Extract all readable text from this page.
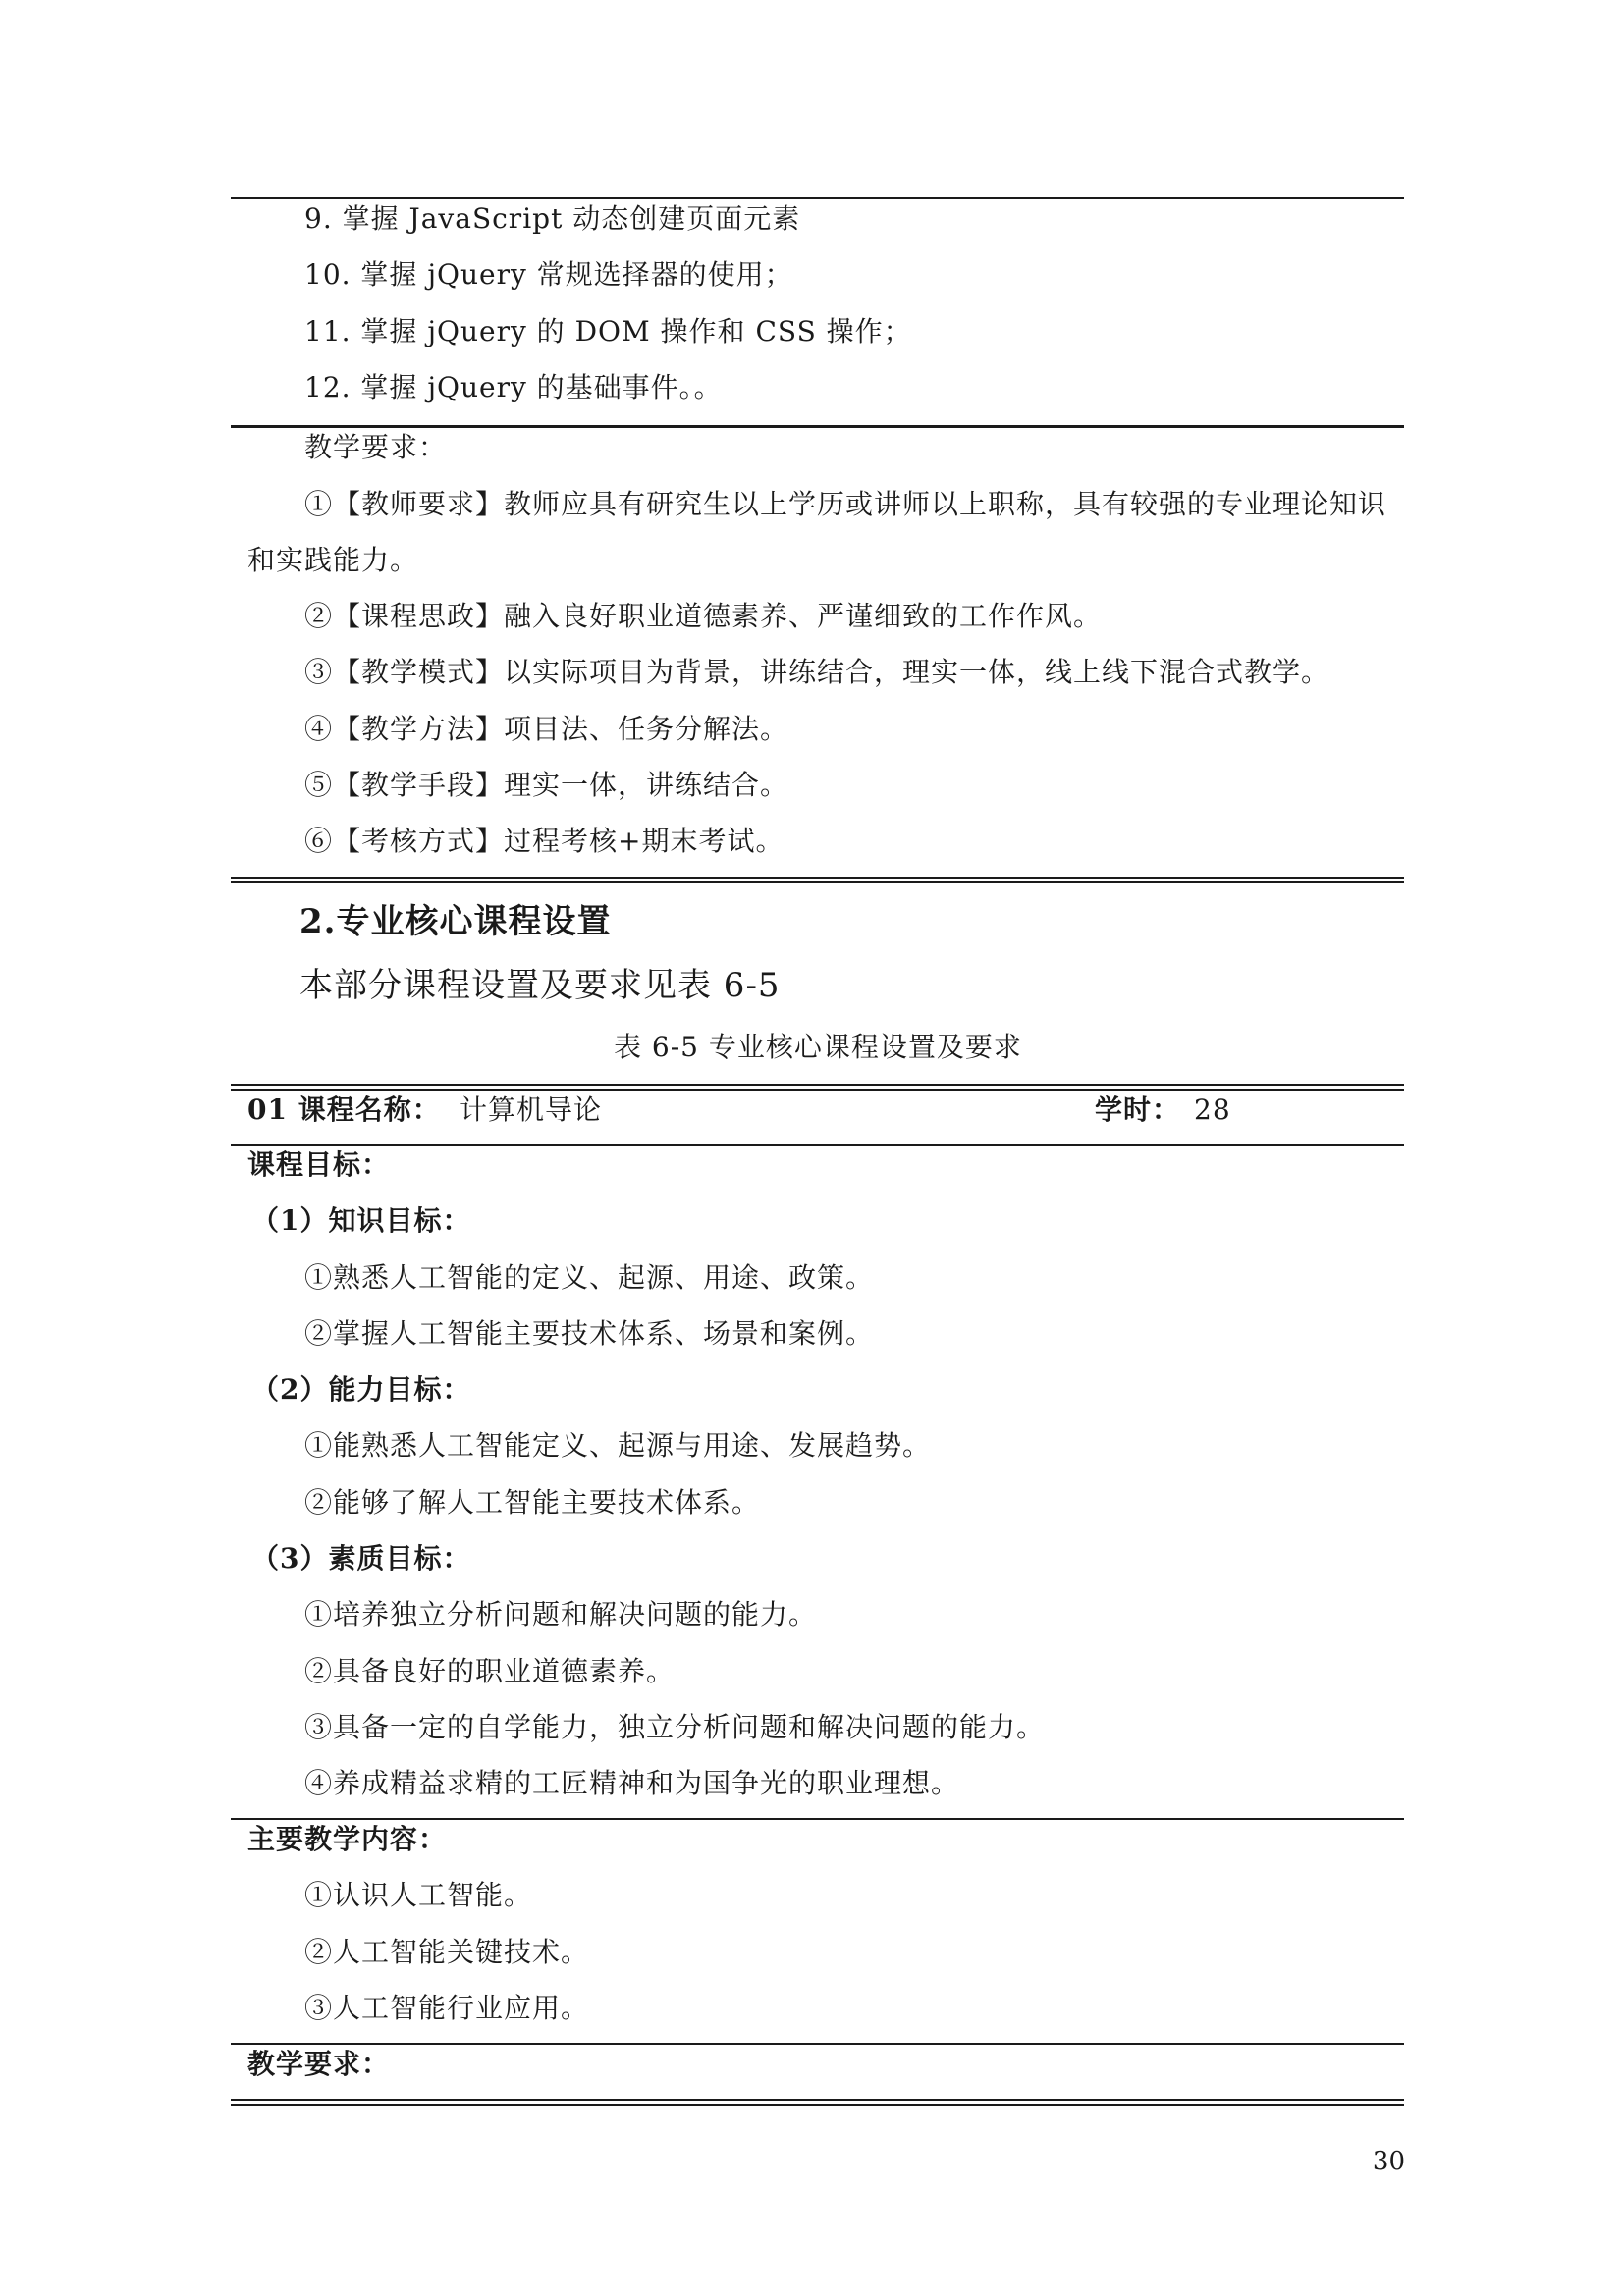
9. 掌握 JavaScript 动态创建页面元素
10. 掌握 jQuery 常规选择器的使用；
11. 掌握 jQuery 的 DOM 操作和 CSS 操作；
12. 掌握 jQuery 的基础事件。。
教学要求：
①【教师要求】教师应具有研究生以上学历或讲师以上职称，具有较强的专业理论知识
和实践能力。
②【课程思政】融入良好职业道德素养、严谨细致的工作作风。
③【教学模式】以实际项目为背景，讲练结合，理实一体，线上线下混合式教学。
④【教学方法】项目法、任务分解法。
⑤【教学手段】理实一体，讲练结合。
⑥【考核方式】过程考核+期末考试。
2.专业核心课程设置
本部分课程设置及要求见表 6-5
表 6-5 专业核心课程设置及要求
01 课程名称： 计算机导论	学时： 28
课程目标：
（1）知识目标：
①熟悉人工智能的定义、起源、用途、政策。
②掌握人工智能主要技术体系、场景和案例。
（2）能力目标：
①能熟悉人工智能定义、起源与用途、发展趋势。
②能够了解人工智能主要技术体系。
（3）素质目标：
①培养独立分析问题和解决问题的能力。
②具备良好的职业道德素养。
③具备一定的自学能力，独立分析问题和解决问题的能力。
④养成精益求精的工匠精神和为国争光的职业理想。
主要教学内容：
①认识人工智能。
②人工智能关键技术。
③人工智能行业应用。
教学要求：
30
